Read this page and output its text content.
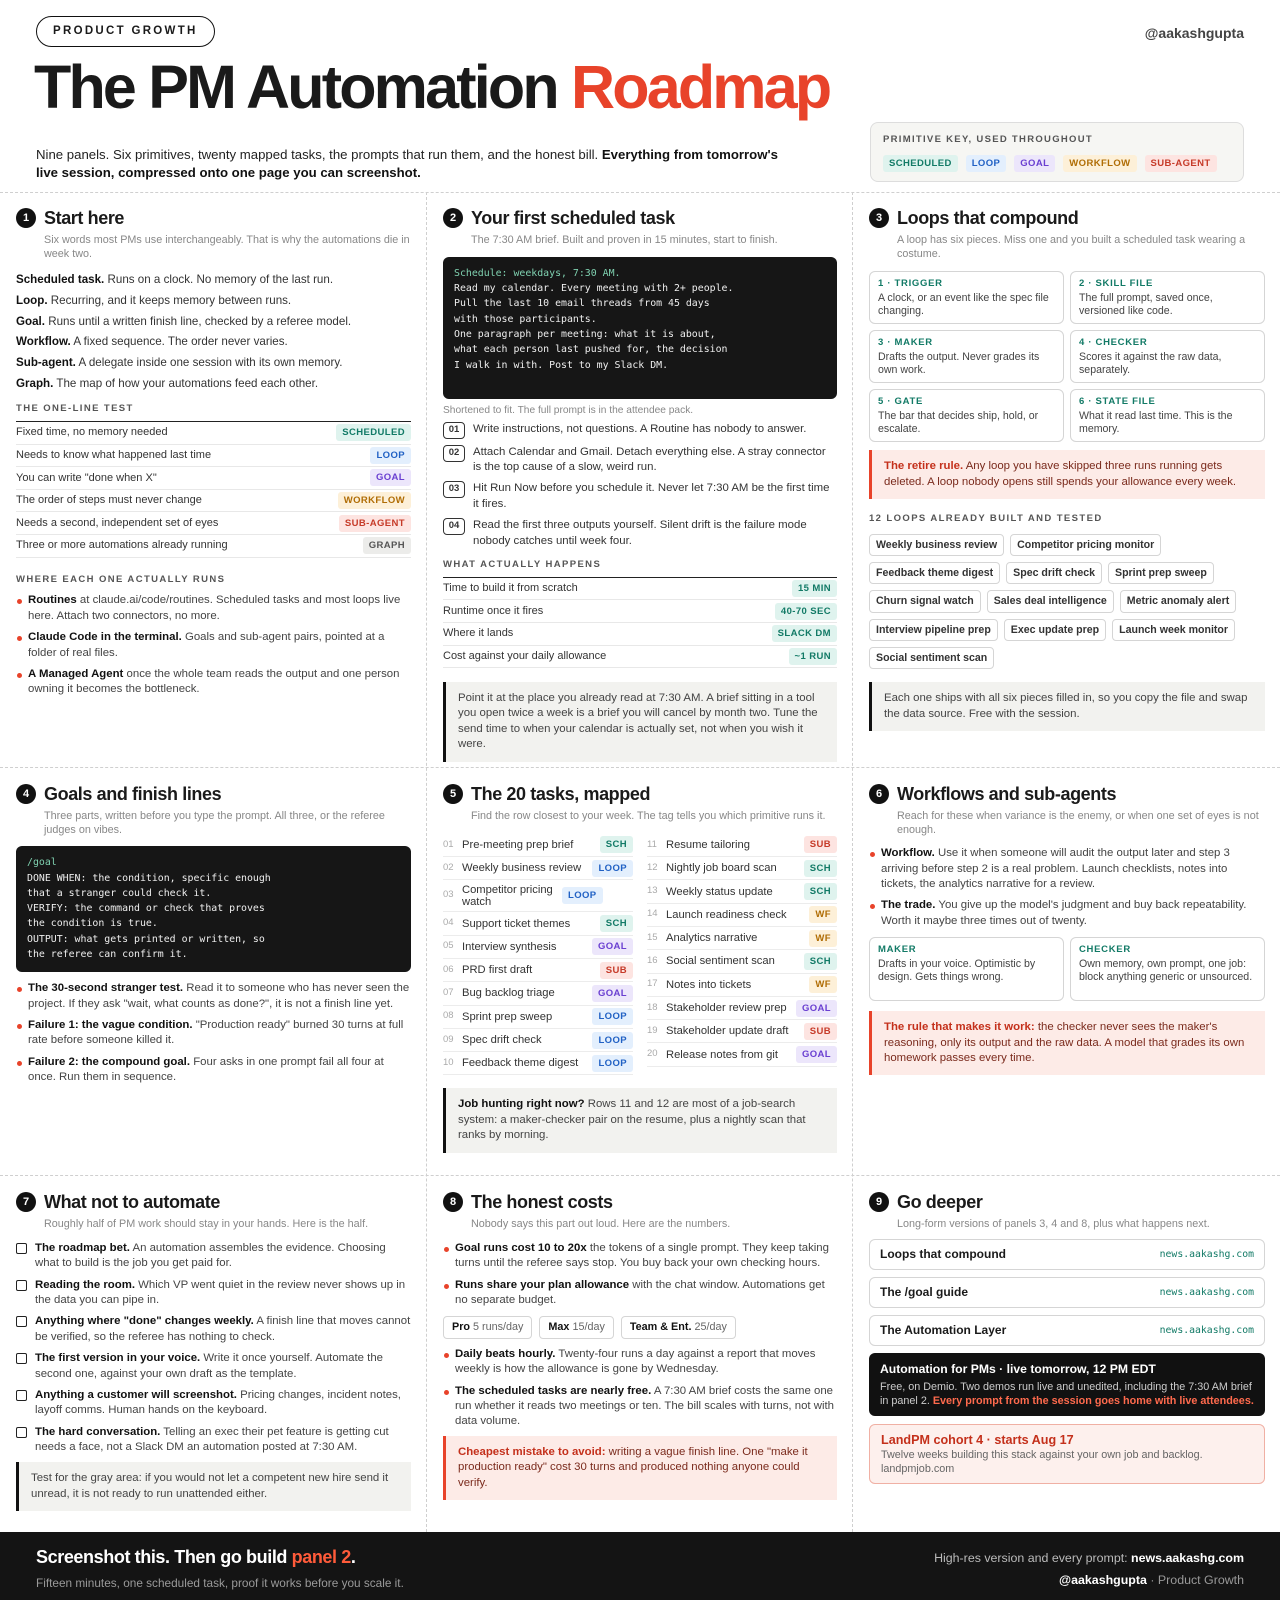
PRODUCT GROWTH	@aakashgupta
The PM Automation Roadmap
Nine panels. Six primitives, twenty mapped tasks, the prompts that run them, and the honest bill. Everything from tomorrow's live session, compressed onto one page you can screenshot.
PRIMITIVE KEY, USED THROUGHOUT
SCHEDULED	LOOP	GOAL	WORKFLOW	SUB-AGENT
1 Start here
Six words most PMs use interchangeably. That is why the automations die in week two.

Scheduled task. Runs on a clock. No memory of the last run.

Loop. Recurring, and it keeps memory between runs.

Goal. Runs until a written finish line, checked by a referee model.

Workflow. A fixed sequence. The order never varies.

Sub-agent. A delegate inside one session with its own memory.

Graph. The map of how your automations feed each other.

THE ONE-LINE TEST
Fixed time, no memory needed	SCHEDULED
Needs to know what happened last time	LOOP
You can write "done when X"	GOAL
The order of steps must never change	WORKFLOW
Needs a second, independent set of eyes	SUB-AGENT
Three or more automations already running	GRAPH
WHERE EACH ONE ACTUALLY RUNS
Routines at claude.ai/code/routines. Scheduled tasks and most loops live here. Attach two connectors, no more.
Claude Code in the terminal. Goals and sub-agent pairs, pointed at a folder of real files.
A Managed Agent once the whole team reads the output and one person owning it becomes the bottleneck.
2 Your first scheduled task
The 7:30 AM brief. Built and proven in 15 minutes, start to finish.
Schedule: weekdays, 7:30 AM.
Read my calendar. Every meeting with 2+ people.
Pull the last 10 email threads from 45 days
with those participants.
One paragraph per meeting: what it is about,
what each person last pushed for, the decision
I walk in with. Post to my Slack DM.
Shortened to fit. The full prompt is in the attendee pack.
01	Write instructions, not questions. A Routine has nobody to answer.
02	Attach Calendar and Gmail. Detach everything else. A stray connector is the top cause of a slow, weird run.
03	Hit Run Now before you schedule it. Never let 7:30 AM be the first time it fires.
04	Read the first three outputs yourself. Silent drift is the failure mode nobody catches until week four.
WHAT ACTUALLY HAPPENS
Time to build it from scratch	15 MIN
Runtime once it fires	40-70 SEC
Where it lands	SLACK DM
Cost against your daily allowance	~1 RUN
Point it at the place you already read at 7:30 AM. A brief sitting in a tool you open twice a week is a brief you will cancel by month two. Tune the send time to when your calendar is actually set, not when you wish it were.
3 Loops that compound
A loop has six pieces. Miss one and you built a scheduled task wearing a costume.
1 · TRIGGER
A clock, or an event like the spec file changing.
2 · SKILL FILE
The full prompt, saved once, versioned like code.
3 · MAKER
Drafts the output. Never grades its own work.
4 · CHECKER
Scores it against the raw data, separately.
5 · GATE
The bar that decides ship, hold, or escalate.
6 · STATE FILE
What it read last time. This is the memory.
The retire rule. Any loop you have skipped three runs running gets deleted. A loop nobody opens still spends your allowance every week.
12 LOOPS ALREADY BUILT AND TESTED
Weekly business review	Competitor pricing monitor
Feedback theme digest	Spec drift check	Sprint prep sweep
Churn signal watch	Sales deal intelligence	Metric anomaly alert
Interview pipeline prep	Exec update prep	Launch week monitor
Social sentiment scan
Each one ships with all six pieces filled in, so you copy the file and swap the data source. Free with the session.
4 Goals and finish lines
Three parts, written before you type the prompt. All three, or the referee judges on vibes.
/goal
DONE WHEN: the condition, specific enough
that a stranger could check it.
VERIFY: the command or check that proves
the condition is true.
OUTPUT: what gets printed or written, so
the referee can confirm it.
The 30-second stranger test. Read it to someone who has never seen the project. If they ask "wait, what counts as done?", it is not a finish line yet.
Failure 1: the vague condition. "Production ready" burned 30 turns at full rate before someone killed it.
Failure 2: the compound goal. Four asks in one prompt fail all four at once. Run them in sequence.
5 The 20 tasks, mapped
Find the row closest to your week. The tag tells you which primitive runs it.
01 Pre-meeting prep brief	SCH
02 Weekly business review	LOOP
03 Competitor pricing watch	LOOP
04 Support ticket themes	SCH
05 Interview synthesis	GOAL
06 PRD first draft	SUB
07 Bug backlog triage	GOAL
08 Sprint prep sweep	LOOP
09 Spec drift check	LOOP
10 Feedback theme digest	LOOP
11 Resume tailoring	SUB
12 Nightly job board scan	SCH
13 Weekly status update	SCH
14 Launch readiness check	WF
15 Analytics narrative	WF
16 Social sentiment scan	SCH
17 Notes into tickets	WF
18 Stakeholder review prep	GOAL
19 Stakeholder update draft	SUB
20 Release notes from git	GOAL
Job hunting right now? Rows 11 and 12 are most of a job-search system: a maker-checker pair on the resume, plus a nightly scan that ranks by morning.
6 Workflows and sub-agents
Reach for these when variance is the enemy, or when one set of eyes is not enough.
Workflow. Use it when someone will audit the output later and step 3 arriving before step 2 is a real problem. Launch checklists, notes into tickets, the analytics narrative for a review.
The trade. You give up the model's judgment and buy back repeatability. Worth it maybe three times out of twenty.
MAKER
Drafts in your voice. Optimistic by design. Gets things wrong.
CHECKER
Own memory, own prompt, one job: block anything generic or unsourced.
The rule that makes it work: the checker never sees the maker's reasoning, only its output and the raw data. A model that grades its own homework passes every time.
7 What not to automate
Roughly half of PM work should stay in your hands. Here is the half.
The roadmap bet. An automation assembles the evidence. Choosing what to build is the job you get paid for.
Reading the room. Which VP went quiet in the review never shows up in the data you can pipe in.
Anything where "done" changes weekly. A finish line that moves cannot be verified, so the referee has nothing to check.
The first version in your voice. Write it once yourself. Automate the second one, against your own draft as the template.
Anything a customer will screenshot. Pricing changes, incident notes, layoff comms. Human hands on the keyboard.
The hard conversation. Telling an exec their pet feature is getting cut needs a face, not a Slack DM an automation posted at 7:30 AM.
Test for the gray area: if you would not let a competent new hire send it unread, it is not ready to run unattended either.
8 The honest costs
Nobody says this part out loud. Here are the numbers.
Goal runs cost 10 to 20x the tokens of a single prompt. They keep taking turns until the referee says stop. You buy back your own checking hours.
Runs share your plan allowance with the chat window. Automations get no separate budget.
Pro 5 runs/day	Max 15/day	Team & Ent. 25/day
Daily beats hourly. Twenty-four runs a day against a report that moves weekly is how the allowance is gone by Wednesday.
The scheduled tasks are nearly free. A 7:30 AM brief costs the same one run whether it reads two meetings or ten. The bill scales with turns, not with data volume.
Cheapest mistake to avoid: writing a vague finish line. One "make it production ready" cost 30 turns and produced nothing anyone could verify.
9 Go deeper
Long-form versions of panels 3, 4 and 8, plus what happens next.
Loops that compound	news.aakashg.com
The /goal guide	news.aakashg.com
The Automation Layer	news.aakashg.com
Automation for PMs · live tomorrow, 12 PM EDT
Free, on Demio. Two demos run live and unedited, including the 7:30 AM brief in panel 2. Every prompt from the session goes home with live attendees.
LandPM cohort 4 · starts Aug 17
Twelve weeks building this stack against your own job and backlog.
landpmjob.com
Screenshot this. Then go build panel 2.
Fifteen minutes, one scheduled task, proof it works before you scale it.
High-res version and every prompt: news.aakashg.com
@aakashgupta · Product Growth
